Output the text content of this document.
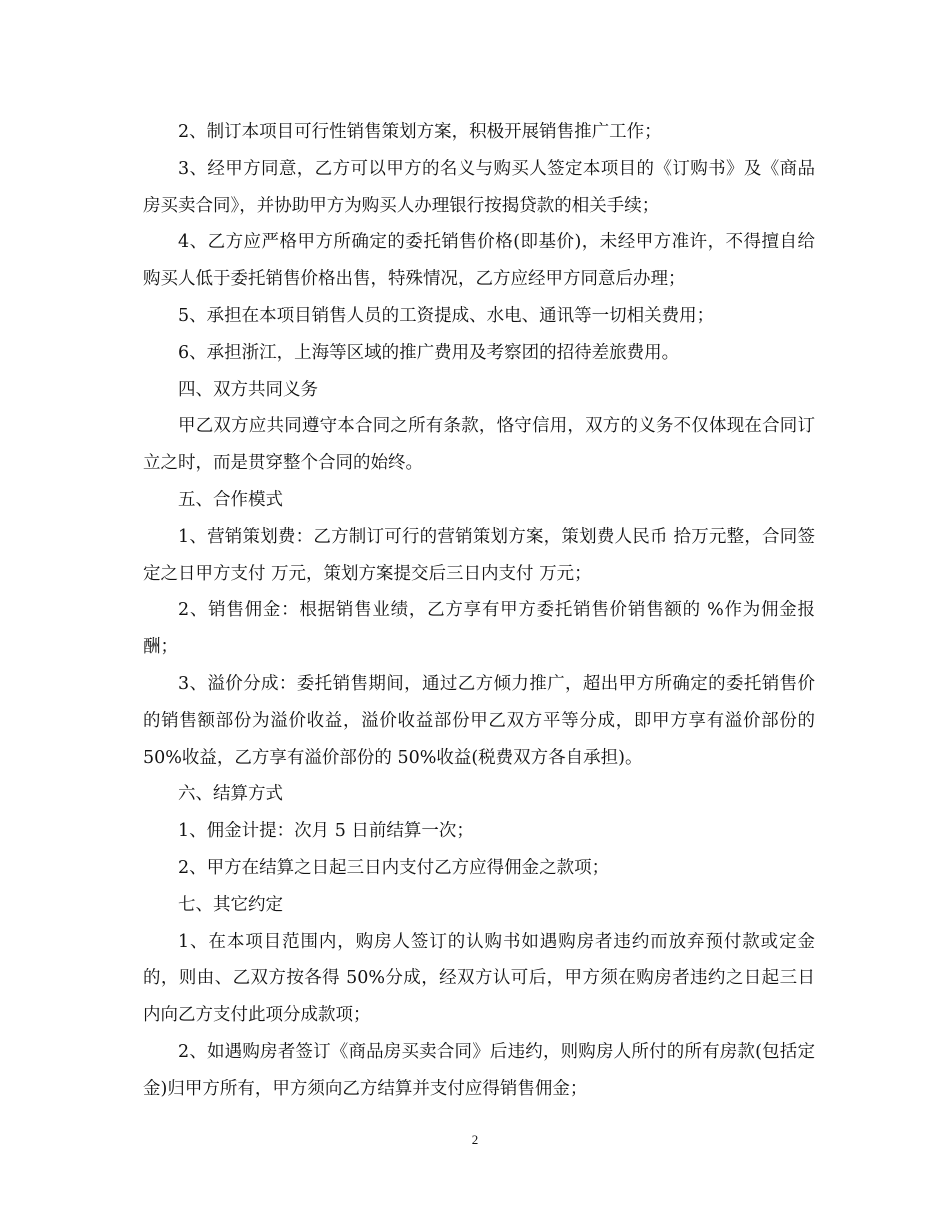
2、制订本项目可行性销售策划方案，积极开展销售推广工作；

3、经甲方同意，乙方可以甲方的名义与购买人签定本项目的《订购书》及《商品房买卖合同》，并协助甲方为购买人办理银行按揭贷款的相关手续；

4、乙方应严格甲方所确定的委托销售价格(即基价)，未经甲方准许，不得擅自给购买人低于委托销售价格出售，特殊情况，乙方应经甲方同意后办理；

5、承担在本项目销售人员的工资提成、水电、通讯等一切相关费用；

6、承担浙江，上海等区域的推广费用及考察团的招待差旅费用。

四、双方共同义务

甲乙双方应共同遵守本合同之所有条款，恪守信用，双方的义务不仅体现在合同订立之时，而是贯穿整个合同的始终。

五、合作模式

1、营销策划费：乙方制订可行的营销策划方案，策划费人民币 拾万元整，合同签定之日甲方支付 万元，策划方案提交后三日内支付 万元；

2、销售佣金：根据销售业绩，乙方享有甲方委托销售价销售额的 %作为佣金报酬；

3、溢价分成：委托销售期间，通过乙方倾力推广，超出甲方所确定的委托销售价的销售额部份为溢价收益，溢价收益部份甲乙双方平等分成，即甲方享有溢价部份的 50%收益，乙方享有溢价部份的 50%收益(税费双方各自承担)。

六、结算方式

1、佣金计提：次月 5 日前结算一次；

2、甲方在结算之日起三日内支付乙方应得佣金之款项；

七、其它约定

1、在本项目范围内，购房人签订的认购书如遇购房者违约而放弃预付款或定金的，则由、乙双方按各得 50%分成，经双方认可后，甲方须在购房者违约之日起三日内向乙方支付此项分成款项；

2、如遇购房者签订《商品房买卖合同》后违约，则购房人所付的所有房款(包括定金)归甲方所有，甲方须向乙方结算并支付应得销售佣金；

2
